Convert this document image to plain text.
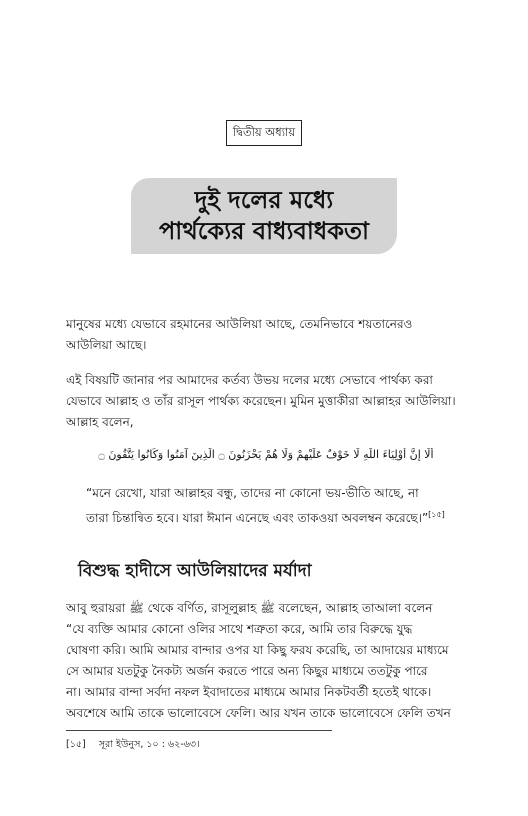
দ্বিতীয় অধ্যায়
দুই দলের মধ্যে
পার্থক্যের বাধ্যবাধকতা
মানুষের মধ্যে যেভাবে রহমানের আউলিয়া আছে, তেমনিভাবে শয়তানেরও
আউলিয়া আছে।
এই বিষয়টি জানার পর আমাদের কর্তব্য উভয় দলের মধ্যে সেভাবে পার্থক্য করা
যেভাবে আল্লাহ ও তাঁর রাসূল পার্থক্য করেছেন। মুমিন মুত্তাকীরা আল্লাহর আউলিয়া।
আল্লাহ বলেন,
أَلَا إِنَّ أَوْلِيَاءَ اللَّهِ لَا خَوْفٌ عَلَيْهِمْ وَلَا هُمْ يَحْزَنُونَ ۝ الَّذِينَ آمَنُوا وَكَانُوا يَتَّقُونَ ۝
“মনে রেখো, যারা আল্লাহর বন্ধু, তাদের না কোনো ভয়-ভীতি আছে, না
তারা চিন্তান্বিত হবে। যারা ঈমান এনেছে এবং তাকওয়া অবলম্বন করেছে।”[১৫]
বিশুদ্ধ হাদীসে আউলিয়াদের মর্যাদা
আবু হুরায়রা ﷺ থেকে বর্ণিত, রাসূলুল্লাহ ﷺ বলেছেন, আল্লাহ তাআলা বলেন
“যে ব্যক্তি আমার কোনো ওলির সাথে শত্রুতা করে, আমি তার বিরুদ্ধে যুদ্ধ
ঘোষণা করি। আমি আমার বান্দার ওপর যা কিছু ফরয করেছি, তা আদায়ের মাধ্যমে
সে আমার যতটুকু নৈকট্য অর্জন করতে পারে অন্য কিছুর মাধ্যমে ততটুকু পারে
না। আমার বান্দা সর্বদা নফল ইবাদাতের মাধ্যমে আমার নিকটবর্তী হতেই থাকে।
অবশেষে আমি তাকে ভালোবেসে ফেলি। আর যখন তাকে ভালোবেসে ফেলি তখন
[১৫] সূরা ইউনুস, ১০ : ৬২-৬৩।
